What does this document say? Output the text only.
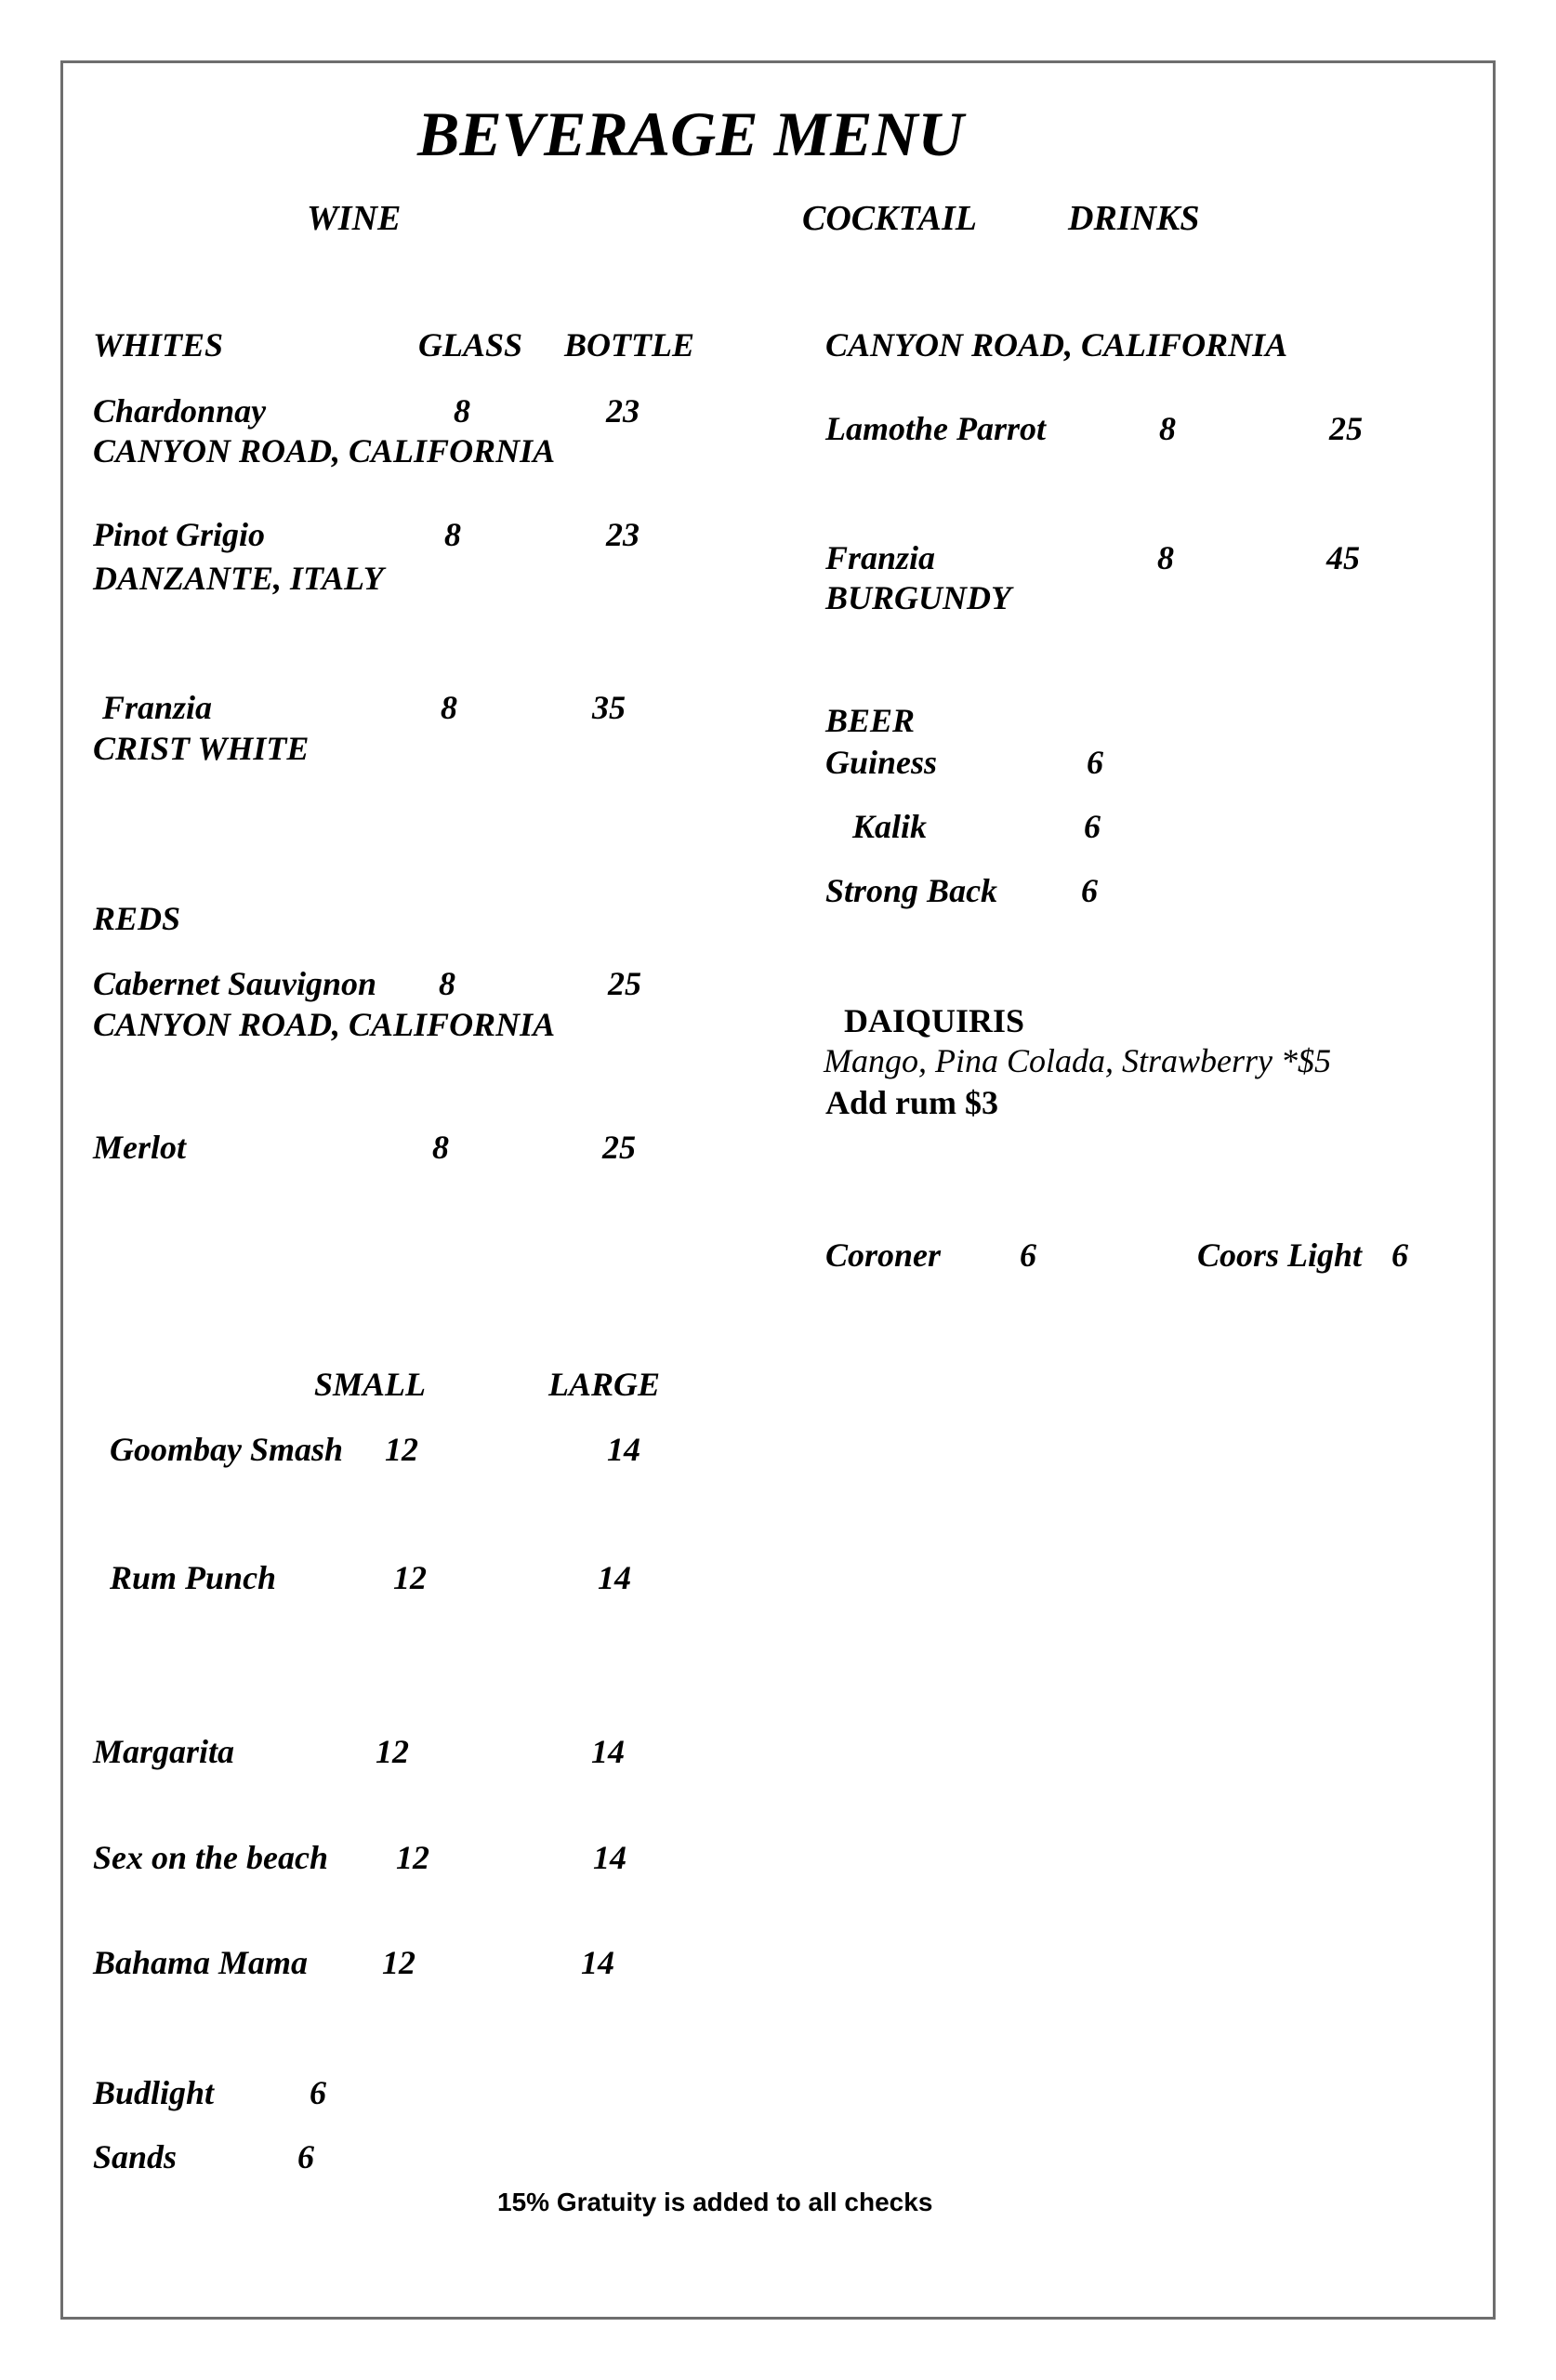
BEVERAGE MENU
WINE	COCKTAIL	DRINKS
WHITES	GLASS BOTTLE
Chardonnay	8	23
CANYON ROAD, CALIFORNIA
Pinot Grigio	8	23
DANZANTE, ITALY
Franzia	8	35
CRIST WHITE
REDS
Cabernet Sauvignon 8	25
CANYON ROAD, CALIFORNIA
Merlot	8	25
CANYON ROAD, CALIFORNIA
Lamothe Parrot	8	25
Franzia	8	45
BURGUNDY
BEER
Guiness	6
Kalik	6
Strong Back 6
DAIQUIRIS
Mango, Pina Colada, Strawberry *$5
Add rum $3
Coroner 6	Coors Light 6
SMALL	LARGE
Goombay Smash 12	14
Rum Punch	12	14
Margarita	12	14
Sex on the beach 12	14
Bahama Mama 12	14
Budlight	6
Sands	6
15% Gratuity is added to all checks
